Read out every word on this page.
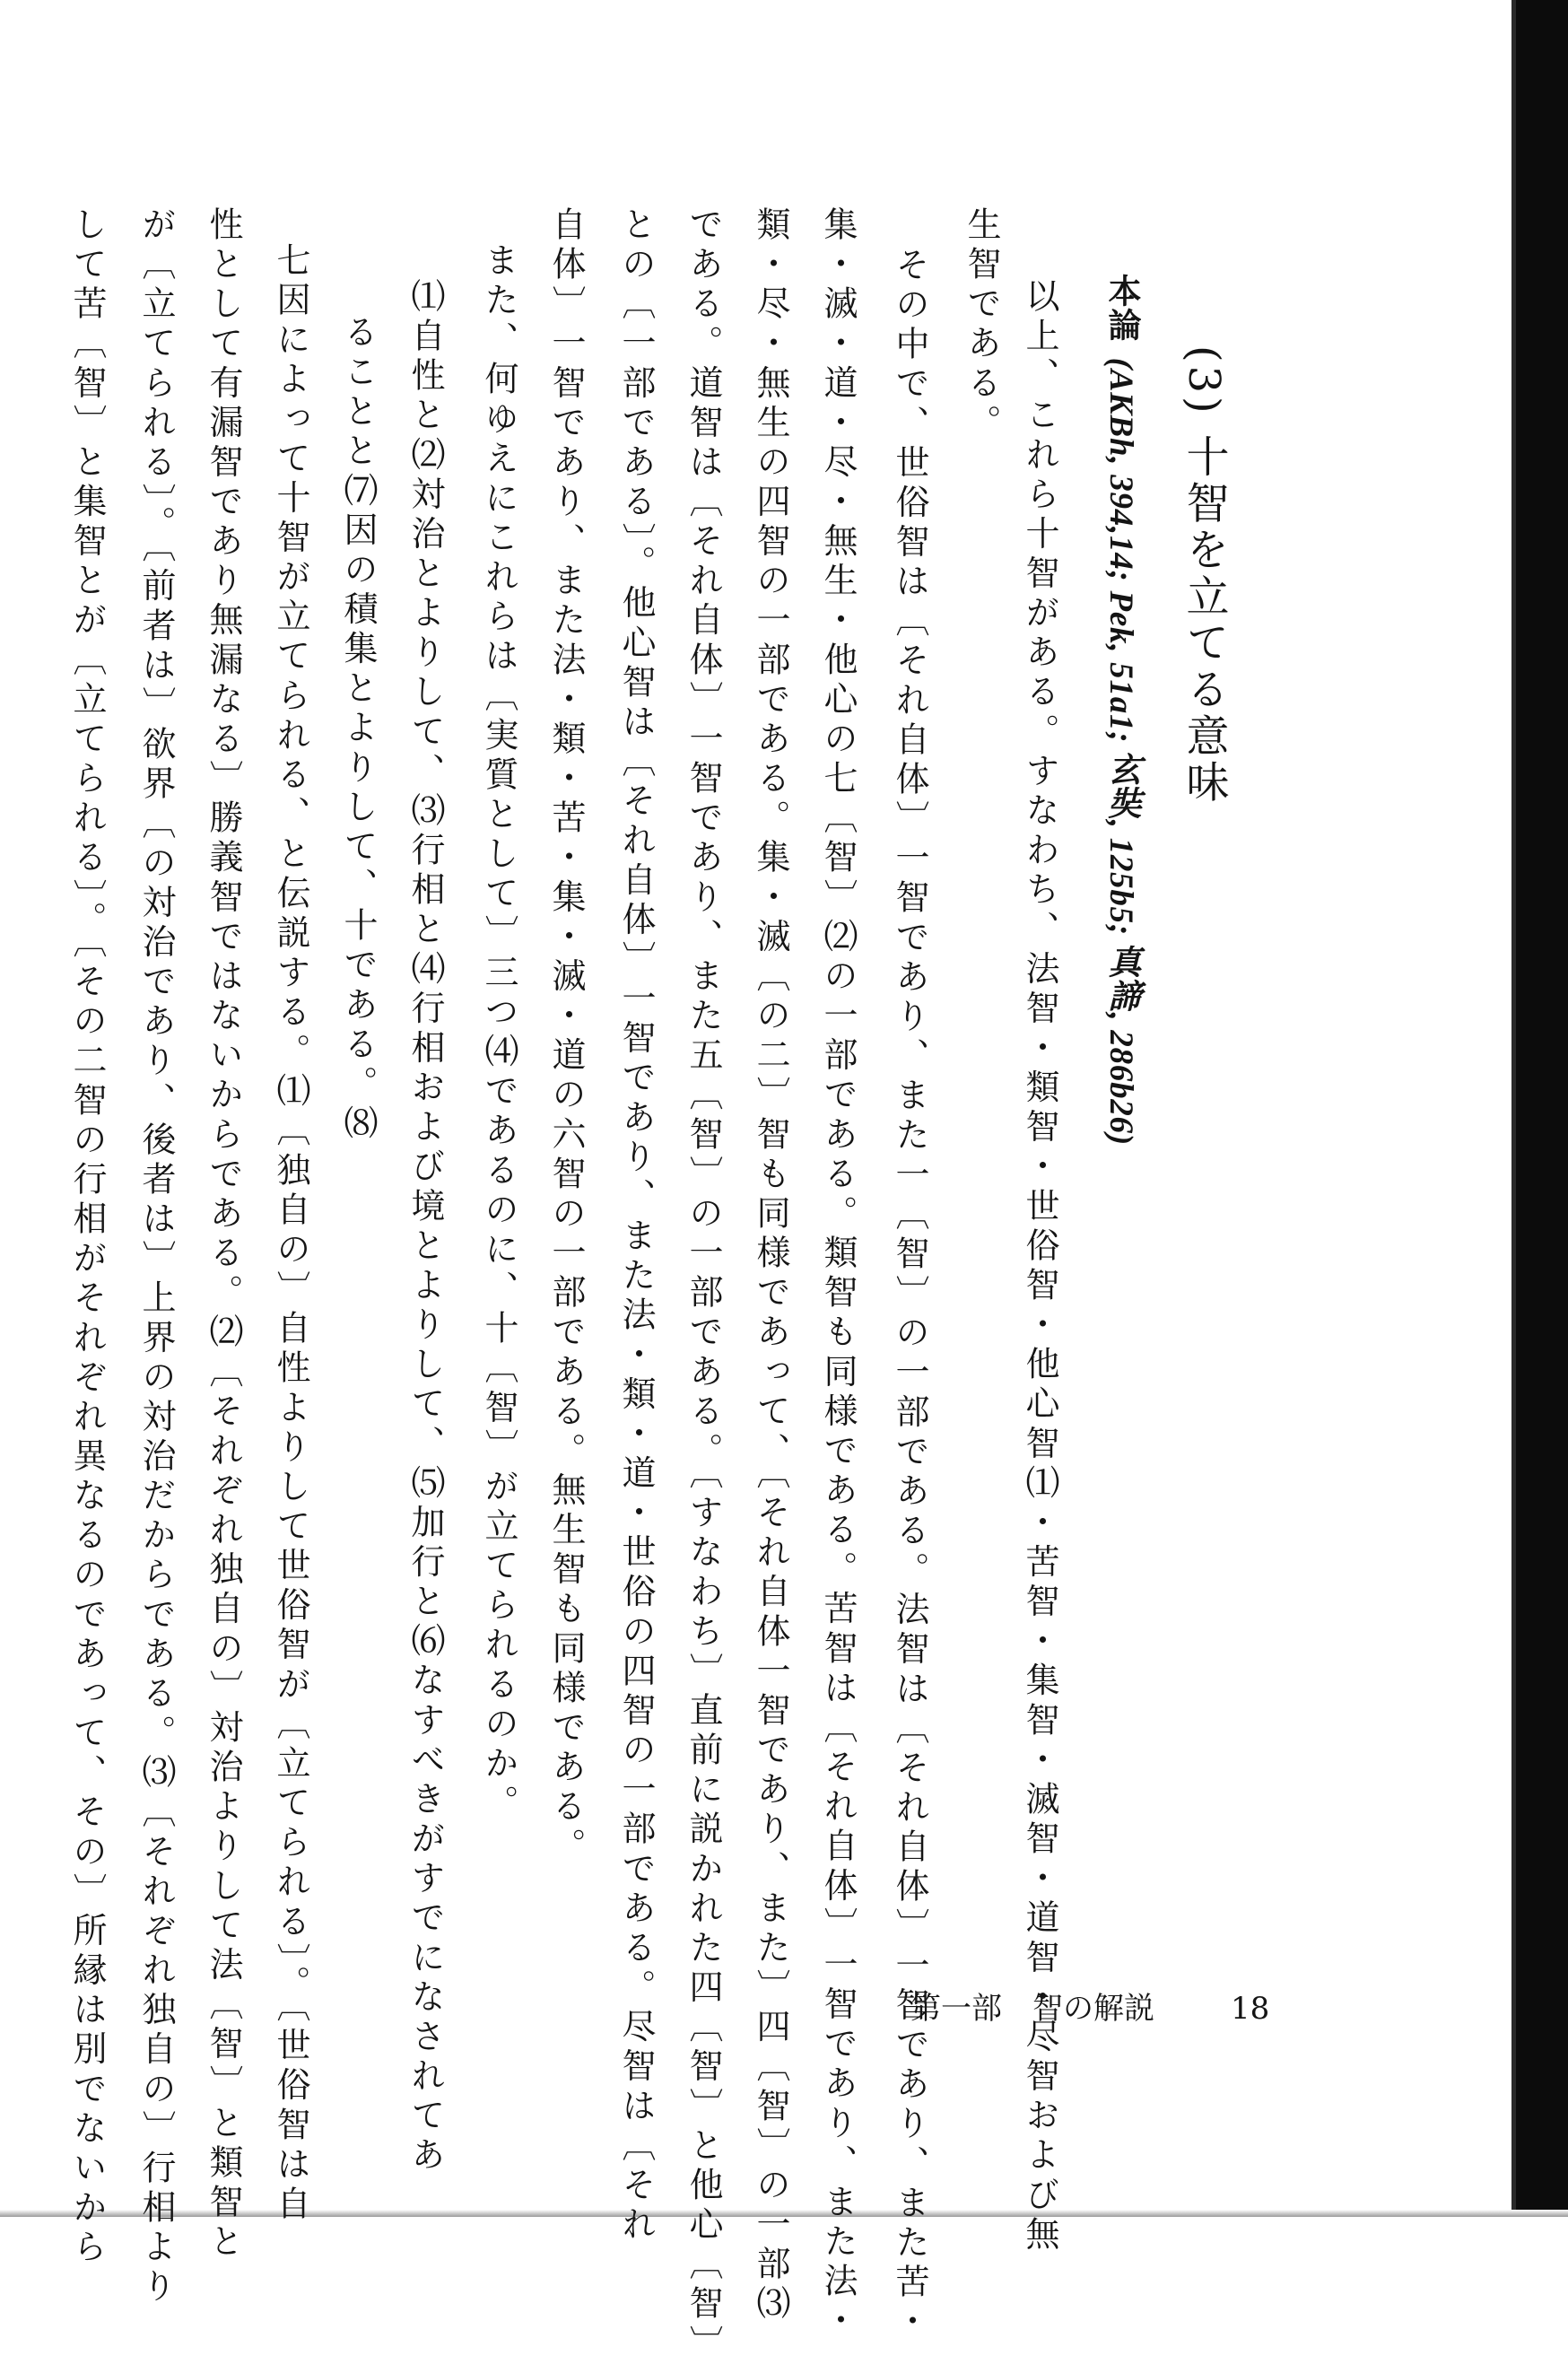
(3) 十智を立てる意味
本論 (AKBh, 394,14; Pek, 51a1; 玄奘, 125b5; 真諦, 286b26)
以上、これら十智がある。すなわち、法智・類智・世俗智・他心智⑴・苦智・集智・滅智・道智・尽智および無
生智である。
その中で、世俗智は〔それ自体〕一智であり、また一〔智〕の一部である。法智は〔それ自体〕一智であり、また苦・
集・滅・道・尽・無生・他心の七〔智〕⑵の一部である。類智も同様である。苦智は〔それ自体〕一智であり、また法・
類・尽・無生の四智の一部である。集・滅〔の二〕智も同様であって、〔それ自体一智であり、また〕四〔智〕の一部⑶
である。道智は〔それ自体〕一智であり、また五〔智〕の一部である。〔すなわち〕直前に説かれた四〔智〕と他心〔智〕
との〔一部である〕。他心智は〔それ自体〕一智であり、また法・類・道・世俗の四智の一部である。尽智は〔それ
自体〕一智であり、また法・類・苦・集・滅・道の六智の一部である。無生智も同様である。
また、何ゆえにこれらは〔実質として〕三つ⑷であるのに、十〔智〕が立てられるのか。
⑴自性と⑵対治とよりして、⑶行相と⑷行相および境とよりして、⑸加行と⑹なすべきがすでになされてあ
ることと⑺因の積集とよりして、十である。⑻
七因によって十智が立てられる、と伝説する。⑴〔独自の〕自性よりして世俗智が〔立てられる〕。〔世俗智は自
性として有漏智であり無漏なる〕勝義智ではないからである。⑵〔それぞれ独自の〕対治よりして法〔智〕と類智と
が〔立てられる〕。〔前者は〕欲界〔の対治であり、後者は〕上界の対治だからである。⑶〔それぞれ独自の〕行相より
して苦〔智〕と集智とが〔立てられる〕。〔その二智の行相がそれぞれ異なるのであって、その〕所縁は別でないから	第一部　智の解説	18
